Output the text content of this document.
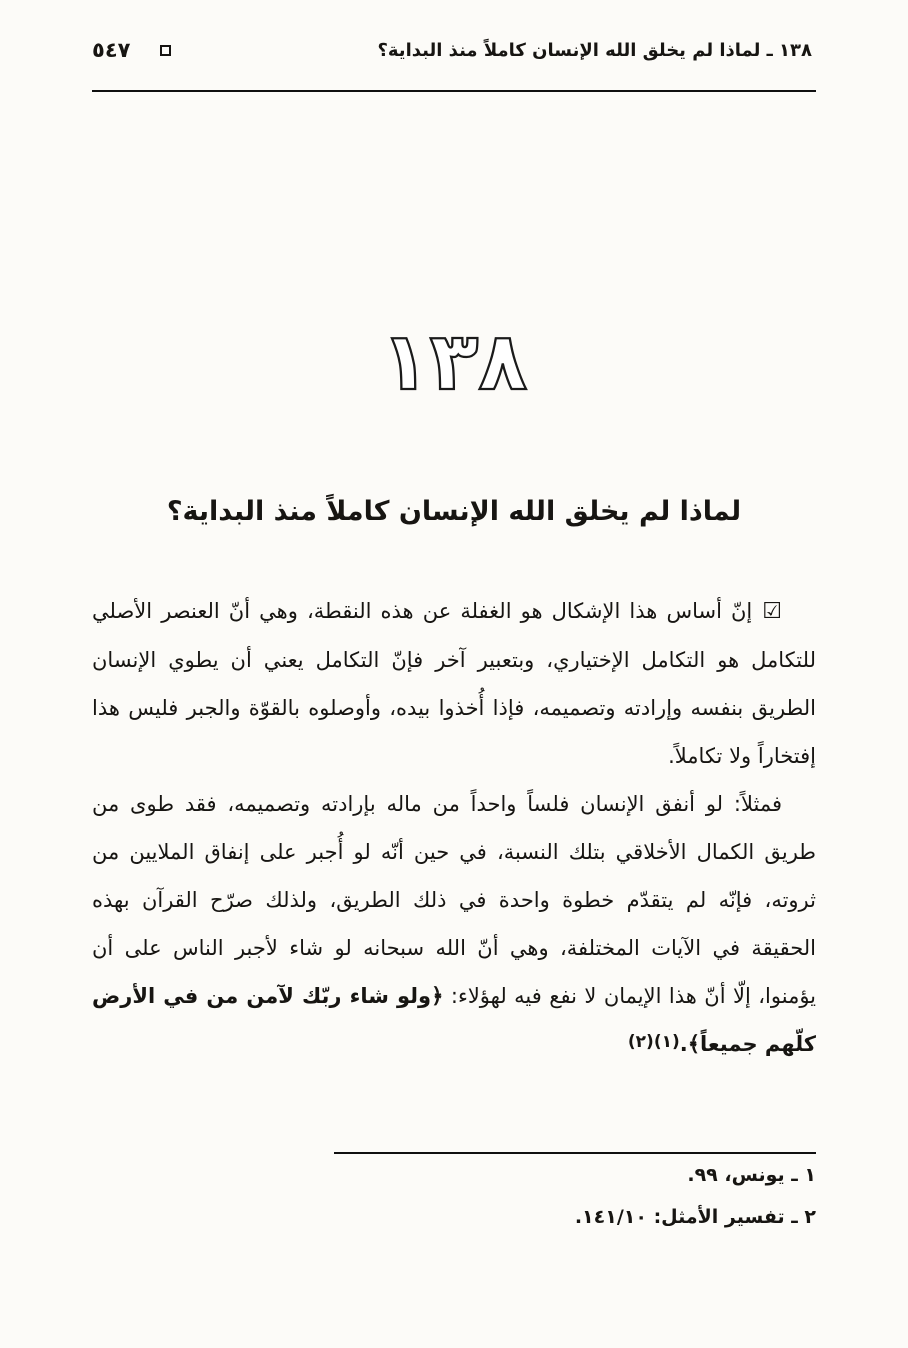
٥٤٧	١٣٨ ـ لماذا لم يخلق الله الإنسان كاملاً منذ البداية؟
١٣٨
لماذا لم يخلق الله الإنسان كاملاً منذ البداية؟

☑إنّ أساس هذا الإشكال هو الغفلة عن هذه النقطة، وهي أنّ العنصر الأصلي للتكامل هو التكامل الإختياري، وبتعبير آخر فإنّ التكامل يعني أن يطوي الإنسان الطريق بنفسه وإرادته وتصميمه، فإذا أُخذوا بيده، وأوصلوه بالقوّة والجبر فليس هذا إفتخاراً ولا تكاملاً.

فمثلاً: لو أنفق الإنسان فلساً واحداً من ماله بإرادته وتصميمه، فقد طوى من طريق الكمال الأخلاقي بتلك النسبة، في حين أنّه لو أُجبر على إنفاق الملايين من ثروته، فإنّه لم يتقدّم خطوة واحدة في ذلك الطريق، ولذلك صرّح القرآن بهذه الحقيقة في الآيات المختلفة، وهي أنّ الله سبحانه لو شاء لأجبر الناس على أن يؤمنوا، إلّا أنّ هذا الإيمان لا نفع فيه لهؤلاء: ﴿ولو شاء ربّك لآمن من في الأرض كلّهم جميعاً﴾.(١)(٢)

١ ـ يونس، ٩٩.
٢ ـ تفسير الأمثل: ١٤١/١٠.
